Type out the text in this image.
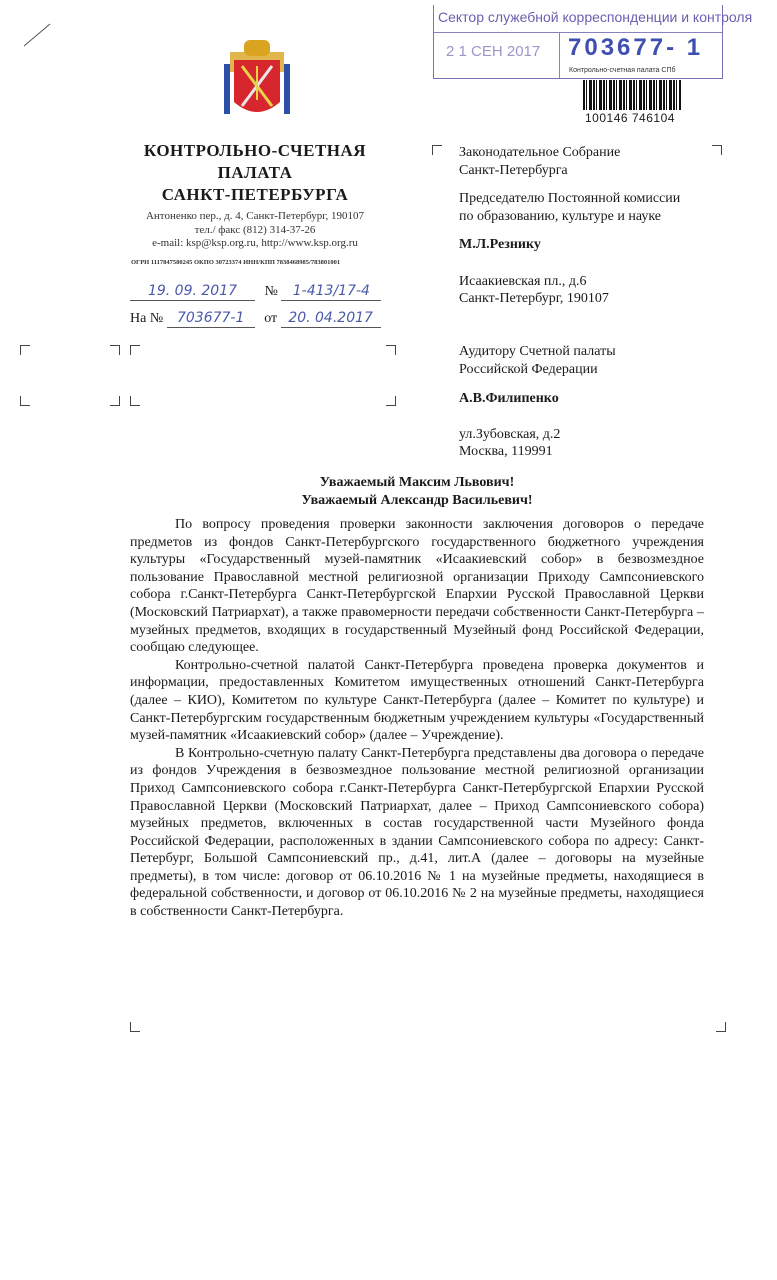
Сектор служебной корреспонденции и контроля
2 1 СЕН 2017 703677- 1
Контрольно-счетная палата СПб
100146 746104
КОНТРОЛЬНО-СЧЕТНАЯ
ПАЛАТА
САНКТ-ПЕТЕРБУРГА
Антоненко пер., д. 4, Санкт-Петербург, 190107
тел./ факс (812) 314-37-26
e-mail: ksp@ksp.org.ru, http://www.ksp.org.ru
ОГРН 1117847580245 ОКПО 30723374 ИНН/КПП 7838468985/783801001
19. 09. 2017 № 1-413/17-4
На № 703677-1 от 20. 04.2017
Законодательное Собрание
Санкт-Петербурга
Председателю Постоянной комиссии
по образованию, культуре и науке
М.Л.Резнику
Исаакиевская пл., д.6
Санкт-Петербург, 190107
Аудитору Счетной палаты
Российской Федерации
А.В.Филипенко
ул.Зубовская, д.2
Москва, 119991
Уважаемый Максим Львович!
Уважаемый Александр Васильевич!

По вопросу проведения проверки законности заключения договоров о передаче предметов из фондов Санкт-Петербургского государственного бюджетного учреждения культуры «Государственный музей-памятник «Исаакиевский собор» в безвозмездное пользование Православной местной религиозной организации Приходу Сампсониевского собора г.Санкт-Петербурга Санкт-Петербургской Епархии Русской Православной Церкви (Московский Патриархат), а также правомерности передачи собственности Санкт-Петербурга – музейных предметов, входящих в государственный Музейный фонд Российской Федерации, сообщаю следующее.

Контрольно-счетной палатой Санкт-Петербурга проведена проверка документов и информации, предоставленных Комитетом имущественных отношений Санкт-Петербурга (далее – КИО), Комитетом по культуре Санкт-Петербурга (далее – Комитет по культуре) и Санкт-Петербургским государственным бюджетным учреждением культуры «Государственный музей-памятник «Исаакиевский собор» (далее – Учреждение).

В Контрольно-счетную палату Санкт-Петербурга представлены два договора о передаче из фондов Учреждения в безвозмездное пользование местной религиозной организации Приход Сампсониевского собора г.Санкт-Петербурга Санкт-Петербургской Епархии Русской Православной Церкви (Московский Патриархат, далее – Приход Сампсониевского собора) музейных предметов, включенных в состав государственной части Музейного фонда Российской Федерации, расположенных в здании Сампсониевского собора по адресу: Санкт-Петербург, Большой Сампсониевский пр., д.41, лит.А (далее – договоры на музейные предметы), в том числе: договор от 06.10.2016 № 1 на музейные предметы, находящиеся в федеральной собственности, и договор от 06.10.2016 № 2 на музейные предметы, находящиеся в собственности Санкт-Петербурга.
